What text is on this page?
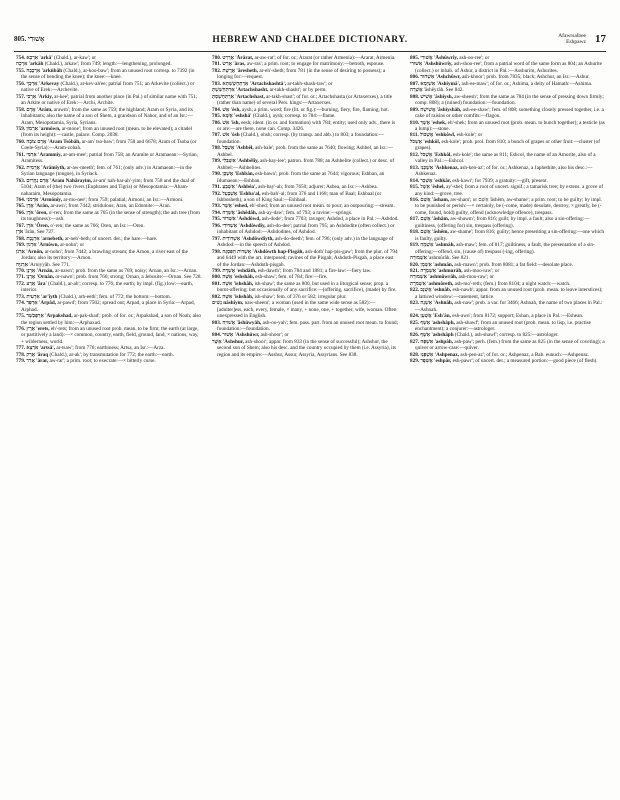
805. אָשׁוּרִי	HEBREW AND CHALDEE DICTIONARY.	Afawrsalbee
Eshpawz 17

754. אַרְכָא 'arkâ' (Chald.), ar-kaw'; or

אַרְכָה 'arkâh (Chald.), arkaw'; from 749; length:—lengthening, prolonged.

755. אַרְכֻבָה 'arkûbâh (Chald.), ar-koo-baw'; from an unused root corresp. to 7392 (in the sense of bending the knee); the knee:—knee.

756. אַרְכְּוָי 'Arkevay (Chald.), ar-kev-ah'ee; patrial from 751; an Arkevite (collect.) or native of Erek:—Archevite.

757. אַרְכִּי 'Arkiy, ar-kee'; patrial from another place (in Pal.) of similar name with 751; an Arkite or native of Erek:—Archi, Archite.

758. אֲרָם 'Arâm, arawm'; from the same as 759; the highland; Aram or Syria, and its inhabitants; also the name of a son of Shem, a grandson of Nahor, and of an Isr.:—Aram, Mesopotamia, Syria, Syrians.

759. אַרְמוֹן 'armôwn, ar-mone'; from an unused root (mean. to be elevated); a citadel (from its height):—castle, palace. Comp. 2038.

760. אֲרַם צוֹבָה 'Aram Tsôbâh, ar-am' tso-baw'; from 758 and 6678; Aram of Tsoba (or Coele-Syria):—Aram-zobah.

761. אַרַמִּי 'Arammîy, ar-am-mee'; patrial from 758; an Aramite or Aramaean:—Syrian, Aramitess.

762. אֲרָמִית 'Arâmîyth, ar-aw-meeth'; fem. of 761; (only adv.) in Aramaean:—in the Syrian language (tongue), in Syriack.

763. אֲרַם נַהֲרַיִם 'Aram Nahărayim, ar-am' nah-har-ah'-yim; from 758 and the dual of 5104; Aram of (the) two rivers (Euphrates and Tigris) or Mesopotamia:—Aham-naharaim, Mesopotamia.

764. אַרְמֹנִי 'Armônîy, ar-mo-nee'; from 759; palatial; Armoni, an Isr.:—Armoni.

765. אֲרָן 'Arân, ar-awn'; from 7442; stridulous; Aran, an Edomite:—Aran.

766. אֹרֶן 'ôren, o'-ren; from the same as 765 (in the sense of strength); the ash tree (from its toughness):—ash.

767. אֹרֶן 'Ôren, o'-ren; the same as 766; Oren, an Isr.:—Oren.

אֹרֶן 'ârân. See 727.

768. אַרְנֶבֶת 'arnebeth, ar-neh'-beth; of uncert. der.; the hare:—hare.

769. אַרְנוֹן 'Arnôwn, ar-nohn'; or

אַרְנֹן 'Arnôn, ar-nohn'; from 7442; a brawling stream; the Arnon, a river east of the Jordan; also its territory:—Arnon.

אַרְנִיָּה 'Arniyyâh. See 771.

770. אַרְנָן 'Arnân, ar-nawn'; prob. from the same as 769; noisy; Arnan, an Isr.:—Arnan.

771. אָרְנָן 'Ornân, or-nawn'; prob. from 766; strong; Ornan, a Jebusite:—Ornan. See 728.

772. אֲרַע 'ăra' (Chald.), ar-ah'; corresp. to 776; the earth; by impl. (fig.) low:—earth, interior.

773. אַרְעִית 'ar'îyth (Chald.), arh-eeth'; fem. of 772; the bottom:—bottom.

774. אַרְפָּד 'Arpâd, ar-pawd'; from 7502; spread out; Arpad, a place in Syria:—Arpad, Arphad.

775. אַרְפַּכְשַׁד 'Arpakshad, ar-pak-shad'; prob. of for. or.; Arpakshad, a son of Noah; also the region settled by him:—Arphaxad.

776. אֶרֶץ 'erets, eh'-rets; from an unused root prob. mean. to be firm; the earth (at large, or partitively a land):—× common, country, earth, field, ground, land, × nations, way, + wilderness, world.

777. אַרְצָא 'artsâ', ar-tsaw'; from 776; earthiness; Artsa, an Isr.:—Arza.

778. אֲרַק 'ăraq (Chald.), ar-ak'; by transmutation for 772; the earth:—earth.

779. אָרַר 'ârar, aw-rar'; a prim. root; to execrate:—× bitterly curse.

780. אֲרָרַט 'Ărârat, ar-aw-rat'; of for. or.; Ararat (or rather Armenia):—Ararat, Armenia.

781. אָרַשׂ 'âras, aw-ras'; a prim. root; to engage for matrimony:—betroth, espouse.

782. אֲרֶשֶׁת 'ăresheth, ar-eh'-sheth; from 781 (in the sense of desiring to possess); a longing for:—request.

783. אַרְתַּחְשַׁשְׁתָּא 'Artachshashtâ', ar-takh-shash-taw'; or

אַרְתַּחְשַׁשְׁתְּ 'Artachshasht, ar-takh-shasht'; or by perm.

אַרְתַּחְשַׁסְתְּ 'Artachshast, ar-takh-shast'; of for. or.; Artachshasta (or Artaxerxes), a title (rather than name) of several Pers. kings:—Artaxerxes.

784. אֵשׁ 'êsh, aysh; a prim. word; fire (lit. or fig.):—burning, fiery, fire, flaming, hot.

785. אֶשָּׁא 'eshshâ' (Chald.), aysh; corresp. to 784:—flame.

786. אִשׁ 'îsh, eesh; ident. (in or. and formation) with 784; entity; used only adv., there is or are:—are there, none can. Comp. 3426.

787. אֹשׁ 'ôsh (Chald.), ohsh; corresp. (by transp. and abb.) to 803; a foundation:—foundation.

788. אַשְׁבֵּל 'Ashbêl, ash-bale'; prob. from the same as 7640; flowing; Ashbel, an Isr.:—Ashbel.

789. אַשְׁבֵּלִי 'Ashbêlîy, ash-bay-lee'; patron. from 788; an Ashbelite (collect.) or desc. of Ashbel:—Ashbelites.

790. אֶשְׁבָּן 'Eshbân, esh-bawn'; prob. from the same as 7644; vigorous; Eshban, an Idumaean:—Eshban.

791. אַשְׁבֵּעַ 'Ashbêa', ash-bay'-ah; from 7650; adjurer; Asbea, an Isr.:—Ashbea.

792. אֶשְׁבַּעַל 'Eshba'al, esh-bah'-al; from 376 and 1168; man of Baal; Eshbaal (or Ishbosheth), a son of King Saul:—Eshbaal.

793. אֶשֶׁד 'eshed, eh'-shed; from an unused root mean. to pour; an outpouring:—stream.

794. אֲשֵׁדָה 'ăshêdâh, ash-ay-daw'; fem. of 793; a ravine:—springs.

795. אַשְׁדּוֹד 'Ashdôwd, ash-dode'; from 7703; ravager; Ashdod, a place in Pal.:—Ashdod.

796. אַשְׁדּוֹדִי 'Ashdôwdîy, ash-do-dee'; patrial from 795; an Ashdodite (often collect.) or inhabitant of Ashdod:—Ashdodites, of Ashdod.

797. אַשְׁדּוֹדִית 'Ashdôwdîyth, ash-do-deeth'; fem. of 796; (only adv.) in the language of Ashdod:—in the speech of Ashdod.

798. אַשְׁדּוֹת הַפִּסְגָּה 'Ashdôwth hap-Pisgâh, ash-doth' hap-pis-gaw'; from the plur. of 794 and 6449 with the art. interposed; ravines of the Pisgah; Ashdoth-Pisgah, a place east of the Jordan:—Ashdoth-pisgah.

799. אֶשְׁדָּת 'eshdâth, esh-dawth'; from 784 and 1881; a fire-law:—fiery law.

800. אֶשָּׁה 'eshshâh, esh-shaw'; fem. of 784; fire:—fire.

801. אִשָּׁה 'ishshâh, ish-shaw'; the same as 800, but used in a liturgical sense; prop. a burnt-offering; but occasionally of any sacrifice:—(offering, sacrifice), (made) by fire.

802. אִשָּׁה 'ishshâh, ish-shaw'; fem. of 376 or 582; irregular plur.

נָשִׁים nâshîym, naw-sheem'; a woman (used in the same wide sense as 582):—[adulter]ess, each, every, female, × many, + none, one, + together, wife, woman. Often unexpressed in English.

803. אֲשׁוּיָה 'ăshûwyâh, ash-oo-yah'; fem. pass. part. from an unused root mean. to found; foundation:—foundation.

804. אַשּׁוּר 'Ashshûwr, ash-shoor'; or

אַשֻּׁר 'Ashshur, ash-shoor'; appar. from 833 (in the sense of successful); Ashshur, the second son of Shem; also his desc. and the country occupied by them (i.e. Assyria), its region and its empire:—Asshur, Assur, Assyria, Assyrians. See 838.

805. אֲשׁוּרִי 'Ăshûwrîy, ash-oo-ree'; or

אַשּׁוּרִי 'Ashshûwrîy, ash-shoo-ree'; from a patrial word of the same form as 804; an Ashurite (collect.) or inhab. of Ashur, a district in Pal.:—Asshurim, Ashurites.

806. אַשְׁחוּר 'Ashchûwr, ash-khoor'; prob. from 7835; black; Ashchur, an Isr.:—Ashur.

807. אַשְׁיְמָא 'Ashîymâ', ash-ee-maw'; of for. or.; Ashima, a deity of Hamath:—Ashima.

אֲשֵׁרָה 'ăshêyrâh. See 842.

808. אָשִׁישׁ 'âshîysh, aw-sheesh'; from the same as 784 (in the sense of pressing down firmly; comp. 808); a (ruined) foundation:—foundation.

809. אֲשִׁישָׁה 'ăshîyshâh, ash-ee-shaw'; fem. of 808; something closely pressed together, i.e. a cake of raisins or other comfits:—flagon.

810. אֶשֶׁךְ 'eshek, eh'-shek; from an unused root (prob. mean. to bunch together); a testicle (as a lump):—stone.

811. אֶשְׁכּוֹל 'eshkôwl, esh-kole'; or

אֶשְׁכֹּל 'eshkôl, esh-kole'; prob. prol. from 810; a bunch of grapes or other fruit:—cluster (of grapes).

812. אֶשְׁכֹּל 'Eshkôl, esh-kole'; the same as 811; Eshcol, the name of an Amorite, also of a valley in Pal.:—Eshcol.

813. אַשְׁכְּנַז 'Ashkenaz, ash-ken-az'; of for. or.; Ashkenaz, a Japhethite, also his desc.:—Ashkenaz.

814. אֶשְׁכָּר 'eshkâr, esh-kawr'; for 7939; a gratuity:—gift, present.

815. אֵשֶׁל 'êshel, ay'-shel; from a root of uncert. signif.; a tamarisk tree; by extens. a grove of any kind:—grove, tree.

816. אָשַׁם 'âsham, aw-sham'; or אָשֵׁם 'âshêm, aw-shame'; a prim. root; to be guilty; by impl. to be punished or perish:—× certainly, be (-come, made) desolate, destroy, × greatly, be (-come, found, hold) guilty, offend (acknowledge offence), trespass.

817. אָשָׁם 'âshâm, aw-shawm'; from 816; guilt; by impl. a fault; also a sin-offering:—guiltiness, (offering for) sin, trespass (offering).

818. אָשֵׁם 'âshêm, aw-shame'; from 816; guilty; hence presenting a sin-offering:—one which is faulty, guilty.

819. אַשְׁמָה 'ashmâh, ash-maw'; fem. of 817; guiltiness, a fault, the presentation of a sin-offering:—offend, sin, (cause of) trespass (-ing, offering).

אַשְׁמוּרָה 'ashmûrâh. See 821.

820. אַשְׁמָן 'ashmân, ash-mawn'; prob. from 8081; a fat field:—desolate place.

821. אַשְׁמֻרָה 'ashmurâh, ash-moo-raw'; or

אַשְׁמוּרָה 'ashmûwrâh, ash-moo-raw'; or

אַשְׁמֹרֶת 'ashmôreth, ash-mo'-reth; (fem.) from 8104; a night watch:—watch.

822. אֶשְׁנָב 'eshnâb, esh-nawb'; appar. from an unused root (prob. mean. to leave interstices); a latticed window:—casement, lattice.

823. אַשְׁנָה 'Ashnâh, ash-naw'; prob. a var. for 3466; Ashnah, the name of two places in Pal.:—Ashnah.

824. אֶשְׁעָן 'Esh'ân, esh-awn'; from 8172; support; Eshan, a place in Pal.:—Eshean.

825. אַשָּׁף 'ashshâph, ash-shawf'; from an unused root (prob. mean. to lisp, i.e. practise enchantment); a conjurer:—astrologer.

826. אַשָּׁף 'ashshâph (Chald.), ash-shawf'; corresp. to 825:—astrologer.

827. אַשְׁפָּה 'ashpâh, ash-paw'; perh. (fem.) from the same as 825 (in the sense of covering); a quiver or arrow-case:—quiver.

828. אַשְׁפְּנַז 'Ashpenaz, ash-pen-az'; of for. or.; Ashpenaz, a Bab. eunuch:—Ashpenaz.

829. אֶשְׁפָּר 'eshpâr, esh-pawr'; of uncert. der.; a measured portion:—good piece (of flesh).
